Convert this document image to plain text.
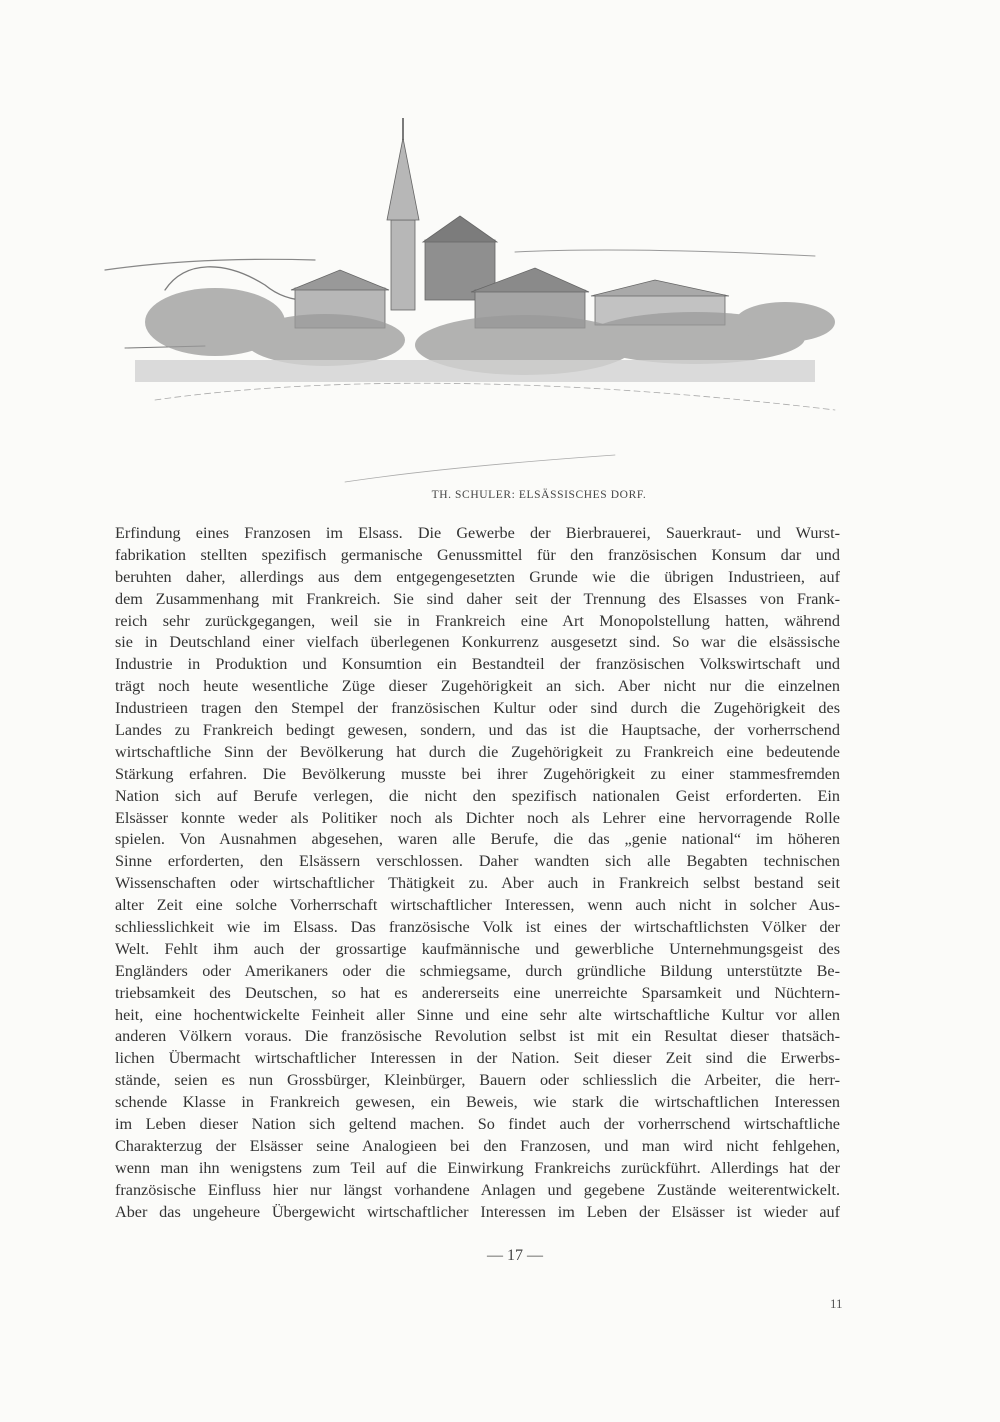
TH. SCHULER: ELSÄSSISCHES DORF.
Erfindung eines Franzosen im Elsass. Die Gewerbe der Bierbrauerei, Sauerkraut- und Wurst-
fabrikation stellten spezifisch germanische Genussmittel für den französischen Konsum dar und
beruhten daher, allerdings aus dem entgegengesetzten Grunde wie die übrigen Industrieen, auf
dem Zusammenhang mit Frankreich. Sie sind daher seit der Trennung des Elsasses von Frank-
reich sehr zurückgegangen, weil sie in Frankreich eine Art Monopolstellung hatten, während
sie in Deutschland einer vielfach überlegenen Konkurrenz ausgesetzt sind. So war die elsässische
Industrie in Produktion und Konsumtion ein Bestandteil der französischen Volkswirtschaft und
trägt noch heute wesentliche Züge dieser Zugehörigkeit an sich. Aber nicht nur die einzelnen
Industrieen tragen den Stempel der französischen Kultur oder sind durch die Zugehörigkeit des
Landes zu Frankreich bedingt gewesen, sondern, und das ist die Hauptsache, der vorherrschend
wirtschaftliche Sinn der Bevölkerung hat durch die Zugehörigkeit zu Frankreich eine bedeutende
Stärkung erfahren. Die Bevölkerung musste bei ihrer Zugehörigkeit zu einer stammesfremden
Nation sich auf Berufe verlegen, die nicht den spezifisch nationalen Geist erforderten. Ein
Elsässer konnte weder als Politiker noch als Dichter noch als Lehrer eine hervorragende Rolle
spielen. Von Ausnahmen abgesehen, waren alle Berufe, die das „genie national“ im höheren
Sinne erforderten, den Elsässern verschlossen. Daher wandten sich alle Begabten technischen
Wissenschaften oder wirtschaftlicher Thätigkeit zu. Aber auch in Frankreich selbst bestand seit
alter Zeit eine solche Vorherrschaft wirtschaftlicher Interessen, wenn auch nicht in solcher Aus-
schliesslichkeit wie im Elsass. Das französische Volk ist eines der wirtschaftlichsten Völker der
Welt. Fehlt ihm auch der grossartige kaufmännische und gewerbliche Unternehmungsgeist des
Engländers oder Amerikaners oder die schmiegsame, durch gründliche Bildung unterstützte Be-
triebsamkeit des Deutschen, so hat es andererseits eine unerreichte Sparsamkeit und Nüchtern-
heit, eine hochentwickelte Feinheit aller Sinne und eine sehr alte wirtschaftliche Kultur vor allen
anderen Völkern voraus. Die französische Revolution selbst ist mit ein Resultat dieser thatsäch-
lichen Übermacht wirtschaftlicher Interessen in der Nation. Seit dieser Zeit sind die Erwerbs-
stände, seien es nun Grossbürger, Kleinbürger, Bauern oder schliesslich die Arbeiter, die herr-
schende Klasse in Frankreich gewesen, ein Beweis, wie stark die wirtschaftlichen Interessen
im Leben dieser Nation sich geltend machen. So findet auch der vorherrschend wirtschaftliche
Charakterzug der Elsässer seine Analogieen bei den Franzosen, und man wird nicht fehlgehen,
wenn man ihn wenigstens zum Teil auf die Einwirkung Frankreichs zurückführt. Allerdings hat der
französische Einfluss hier nur längst vorhandene Anlagen und gegebene Zustände weiterentwickelt.
Aber das ungeheure Übergewicht wirtschaftlicher Interessen im Leben der Elsässer ist wieder auf
— 17 —
11
